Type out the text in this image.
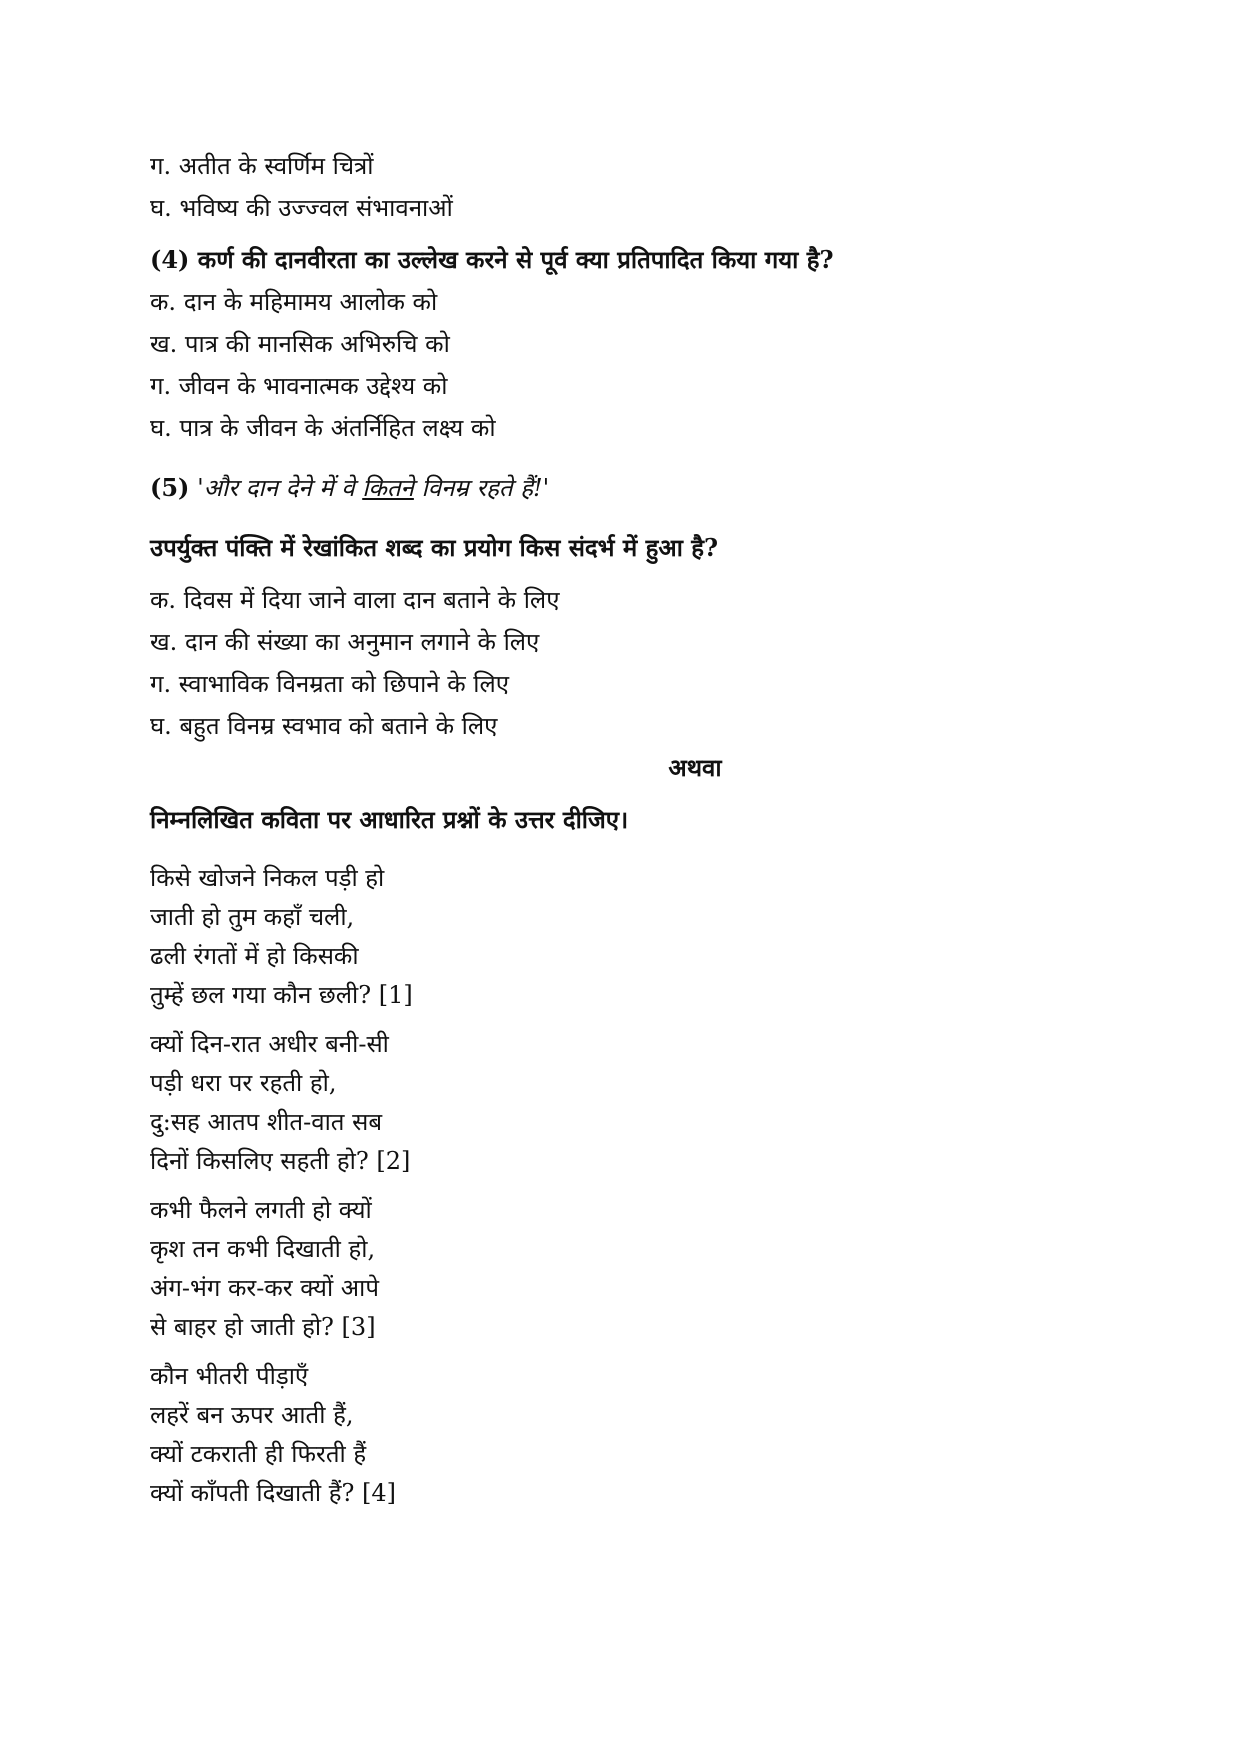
ग. अतीत के स्वर्णिम चित्रों
घ. भविष्य की उज्ज्वल संभावनाओं
(4) कर्ण की दानवीरता का उल्लेख करने से पूर्व क्या प्रतिपादित किया गया है?
क. दान के महिमामय आलोक को
ख. पात्र की मानसिक अभिरुचि को
ग. जीवन के भावनात्मक उद्देश्य को
घ. पात्र के जीवन के अंतर्निहित लक्ष्य को
(5) 'और दान देने में वे कितने विनम्र रहते हैं!'
उपर्युक्त पंक्ति में रेखांकित शब्द का प्रयोग किस संदर्भ में हुआ है?
क. दिवस में दिया जाने वाला दान बताने के लिए
ख. दान की संख्या का अनुमान लगाने के लिए
ग. स्वाभाविक विनम्रता को छिपाने के लिए
घ. बहुत विनम्र स्वभाव को बताने के लिए
अथवा
निम्नलिखित कविता पर आधारित प्रश्नों के उत्तर दीजिए।
किसे खोजने निकल पड़ी हो
जाती हो तुम कहाँ चली,
ढली रंगतों में हो किसकी
तुम्हें छल गया कौन छली? [1]
क्यों दिन-रात अधीर बनी-सी
पड़ी धरा पर रहती हो,
दु:सह आतप शीत-वात सब
दिनों किसलिए सहती हो? [2]
कभी फैलने लगती हो क्यों
कृश तन कभी दिखाती हो,
अंग-भंग कर-कर क्यों आपे
से बाहर हो जाती हो? [3]
कौन भीतरी पीड़ाएँ
लहरें बन ऊपर आती हैं,
क्यों टकराती ही फिरती हैं
क्यों काँपती दिखाती हैं? [4]
